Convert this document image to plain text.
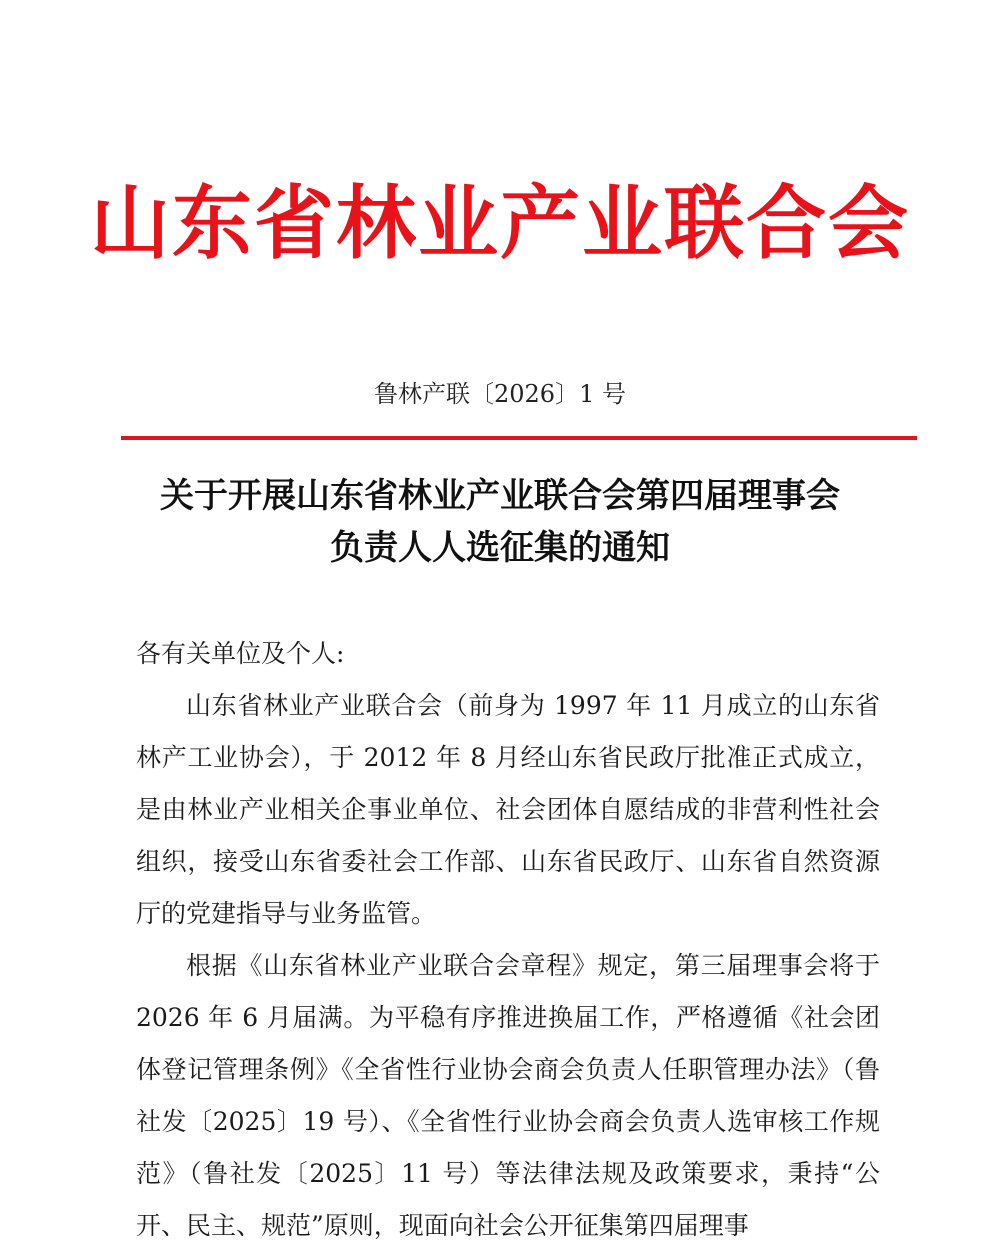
山东省林业产业联合会
鲁林产联〔2026〕1 号
关于开展山东省林业产业联合会第四届理事会
负责人人选征集的通知

各有关单位及个人:

山东省林业产业联合会（前身为 1997 年 11 月成立的山东省林产工业协会），于 2012 年 8 月经山东省民政厅批准正式成立，是由林业产业相关企事业单位、社会团体自愿结成的非营利性社会组织，接受山东省委社会工作部、山东省民政厅、山东省自然资源厅的党建指导与业务监管。

根据《山东省林业产业联合会章程》规定，第三届理事会将于 2026 年 6 月届满。为平稳有序推进换届工作，严格遵循《社会团体登记管理条例》《全省性行业协会商会负责人任职管理办法》（鲁社发〔2025〕19 号）、《全省性行业协会商会负责人选审核工作规范》（鲁社发〔2025〕11 号）等法律法规及政策要求，秉持“公开、民主、规范”原则，现面向社会公开征集第四届理事
